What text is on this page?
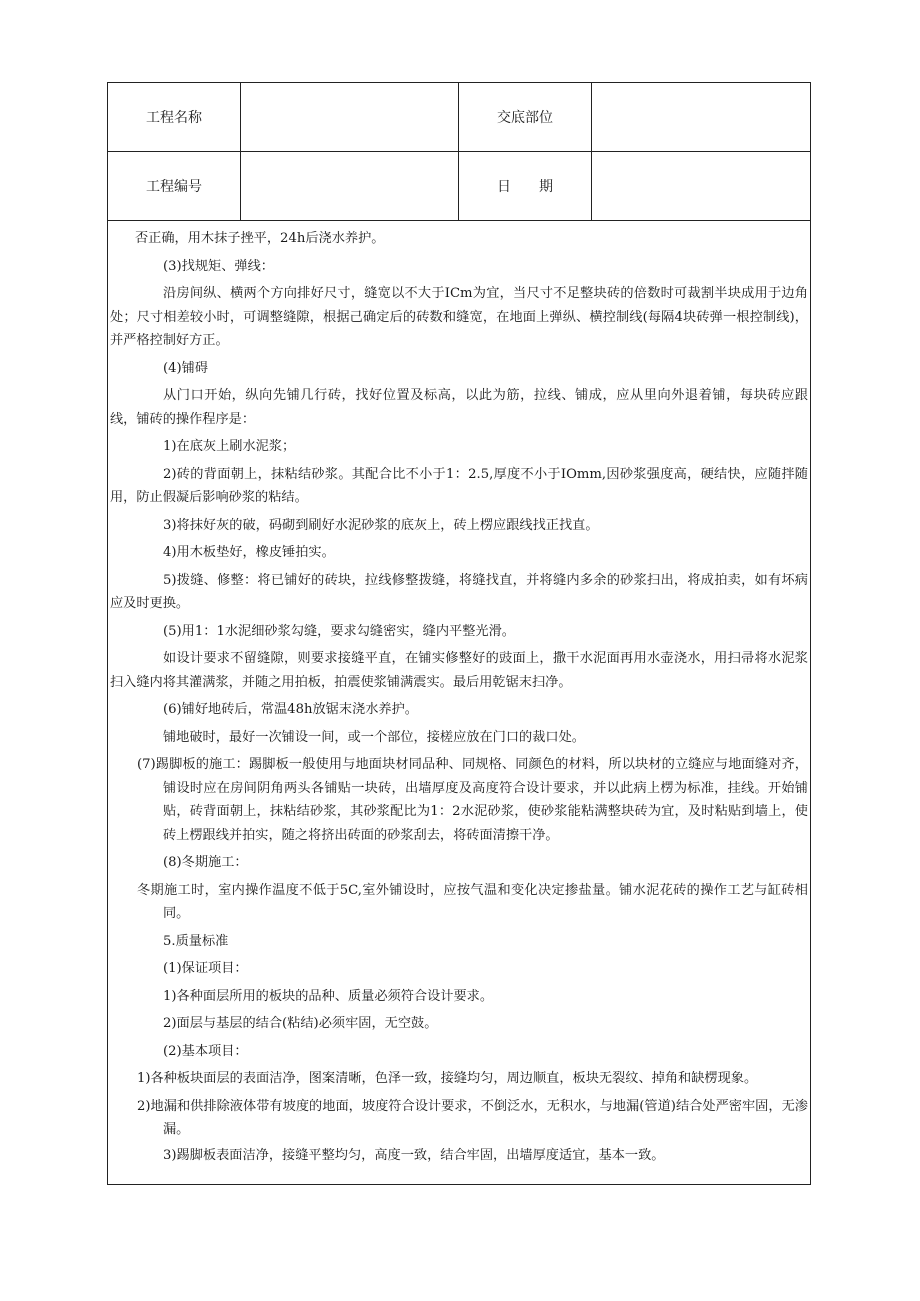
工程名称	交底部位
工程编号	日期

否正确，用木抹子挫平，24h后浇水养护。

(3)找规矩、弹线：

沿房间纵、横两个方向排好尺寸，缝宽以不大于ICm为宜，当尺寸不足整块砖的倍数时可裁割半块成用于边角处；尺寸相差较小时，可调整缝隙，根据己确定后的砖数和缝宽，在地面上弹纵、横控制线(每隔4块砖弹一根控制线)，并严格控制好方正。

(4)铺碍

从门口开始，纵向先铺几行砖，找好位置及标高，以此为筋，拉线、铺成，应从里向外退着铺，每块砖应跟线，铺砖的操作程序是：

1)在底灰上刷水泥浆；

2)砖的背面朝上，抹粘结砂浆。其配合比不小于1：2.5,厚度不小于IOmm,因砂浆强度高，硬结快，应随拌随用，防止假凝后影响砂浆的粘结。

3)将抹好灰的破，码砌到刷好水泥砂浆的底灰上，砖上楞应跟线找正找直。

4)用木板垫好，橡皮锤拍实。

5)拨缝、修整：将已铺好的砖块，拉线修整拨缝，将缝找直，并将缝内多余的砂浆扫出，将成拍卖，如有坏病应及时更换。

(5)用1：1水泥细砂浆勾缝，要求勾缝密实，缝内平整光滑。

如设计要求不留缝隙，则要求接缝平直，在铺实修整好的豉面上，撒干水泥面再用水壶浇水，用扫帚将水泥浆扫入缝内将其灌满浆，并随之用拍板，拍震使浆铺满震实。最后用乾锯末扫净。

(6)铺好地砖后，常温48h放锯末浇水养护。

铺地破时，最好一次铺设一间，或一个部位，接槎应放在门口的裁口处。

(7)踢脚板的施工：踢脚板一般使用与地面块材同品种、同规格、同颜色的材料，所以块材的立缝应与地面缝对齐，铺设时应在房间阴角两头各铺贴一块砖，出墙厚度及高度符合设计要求，并以此病上楞为标准，挂线。开始铺贴，砖背面朝上，抹粘结砂浆，其砂浆配比为1：2水泥砂浆，使砂浆能粘满整块砖为宜，及时粘贴到墙上，使砖上楞跟线并拍实，随之将挤出砖面的砂浆刮去，将砖面清擦干净。

(8)冬期施工：

冬期施工时，室内操作温度不低于5C,室外铺设时，应按气温和变化决定掺盐量。铺水泥花砖的操作工艺与缸砖相同。

5.质量标准

(1)保证项目：

1)各种面层所用的板块的品种、质量必须符合设计要求。

2)面层与基层的结合(粘结)必须牢固，无空鼓。

(2)基本项目：

1)各种板块面层的表面洁净，图案清晰，色泽一致，接缝均匀，周边顺直，板块无裂纹、掉角和缺楞现象。

2)地漏和供排除液体带有坡度的地面，坡度符合设计要求，不倒泛水，无积水，与地漏(管道)结合处严密牢固，无渗漏。

3)踢脚板表面洁净，接缝平整均匀，高度一致，结合牢固，出墙厚度适宜，基本一致。
